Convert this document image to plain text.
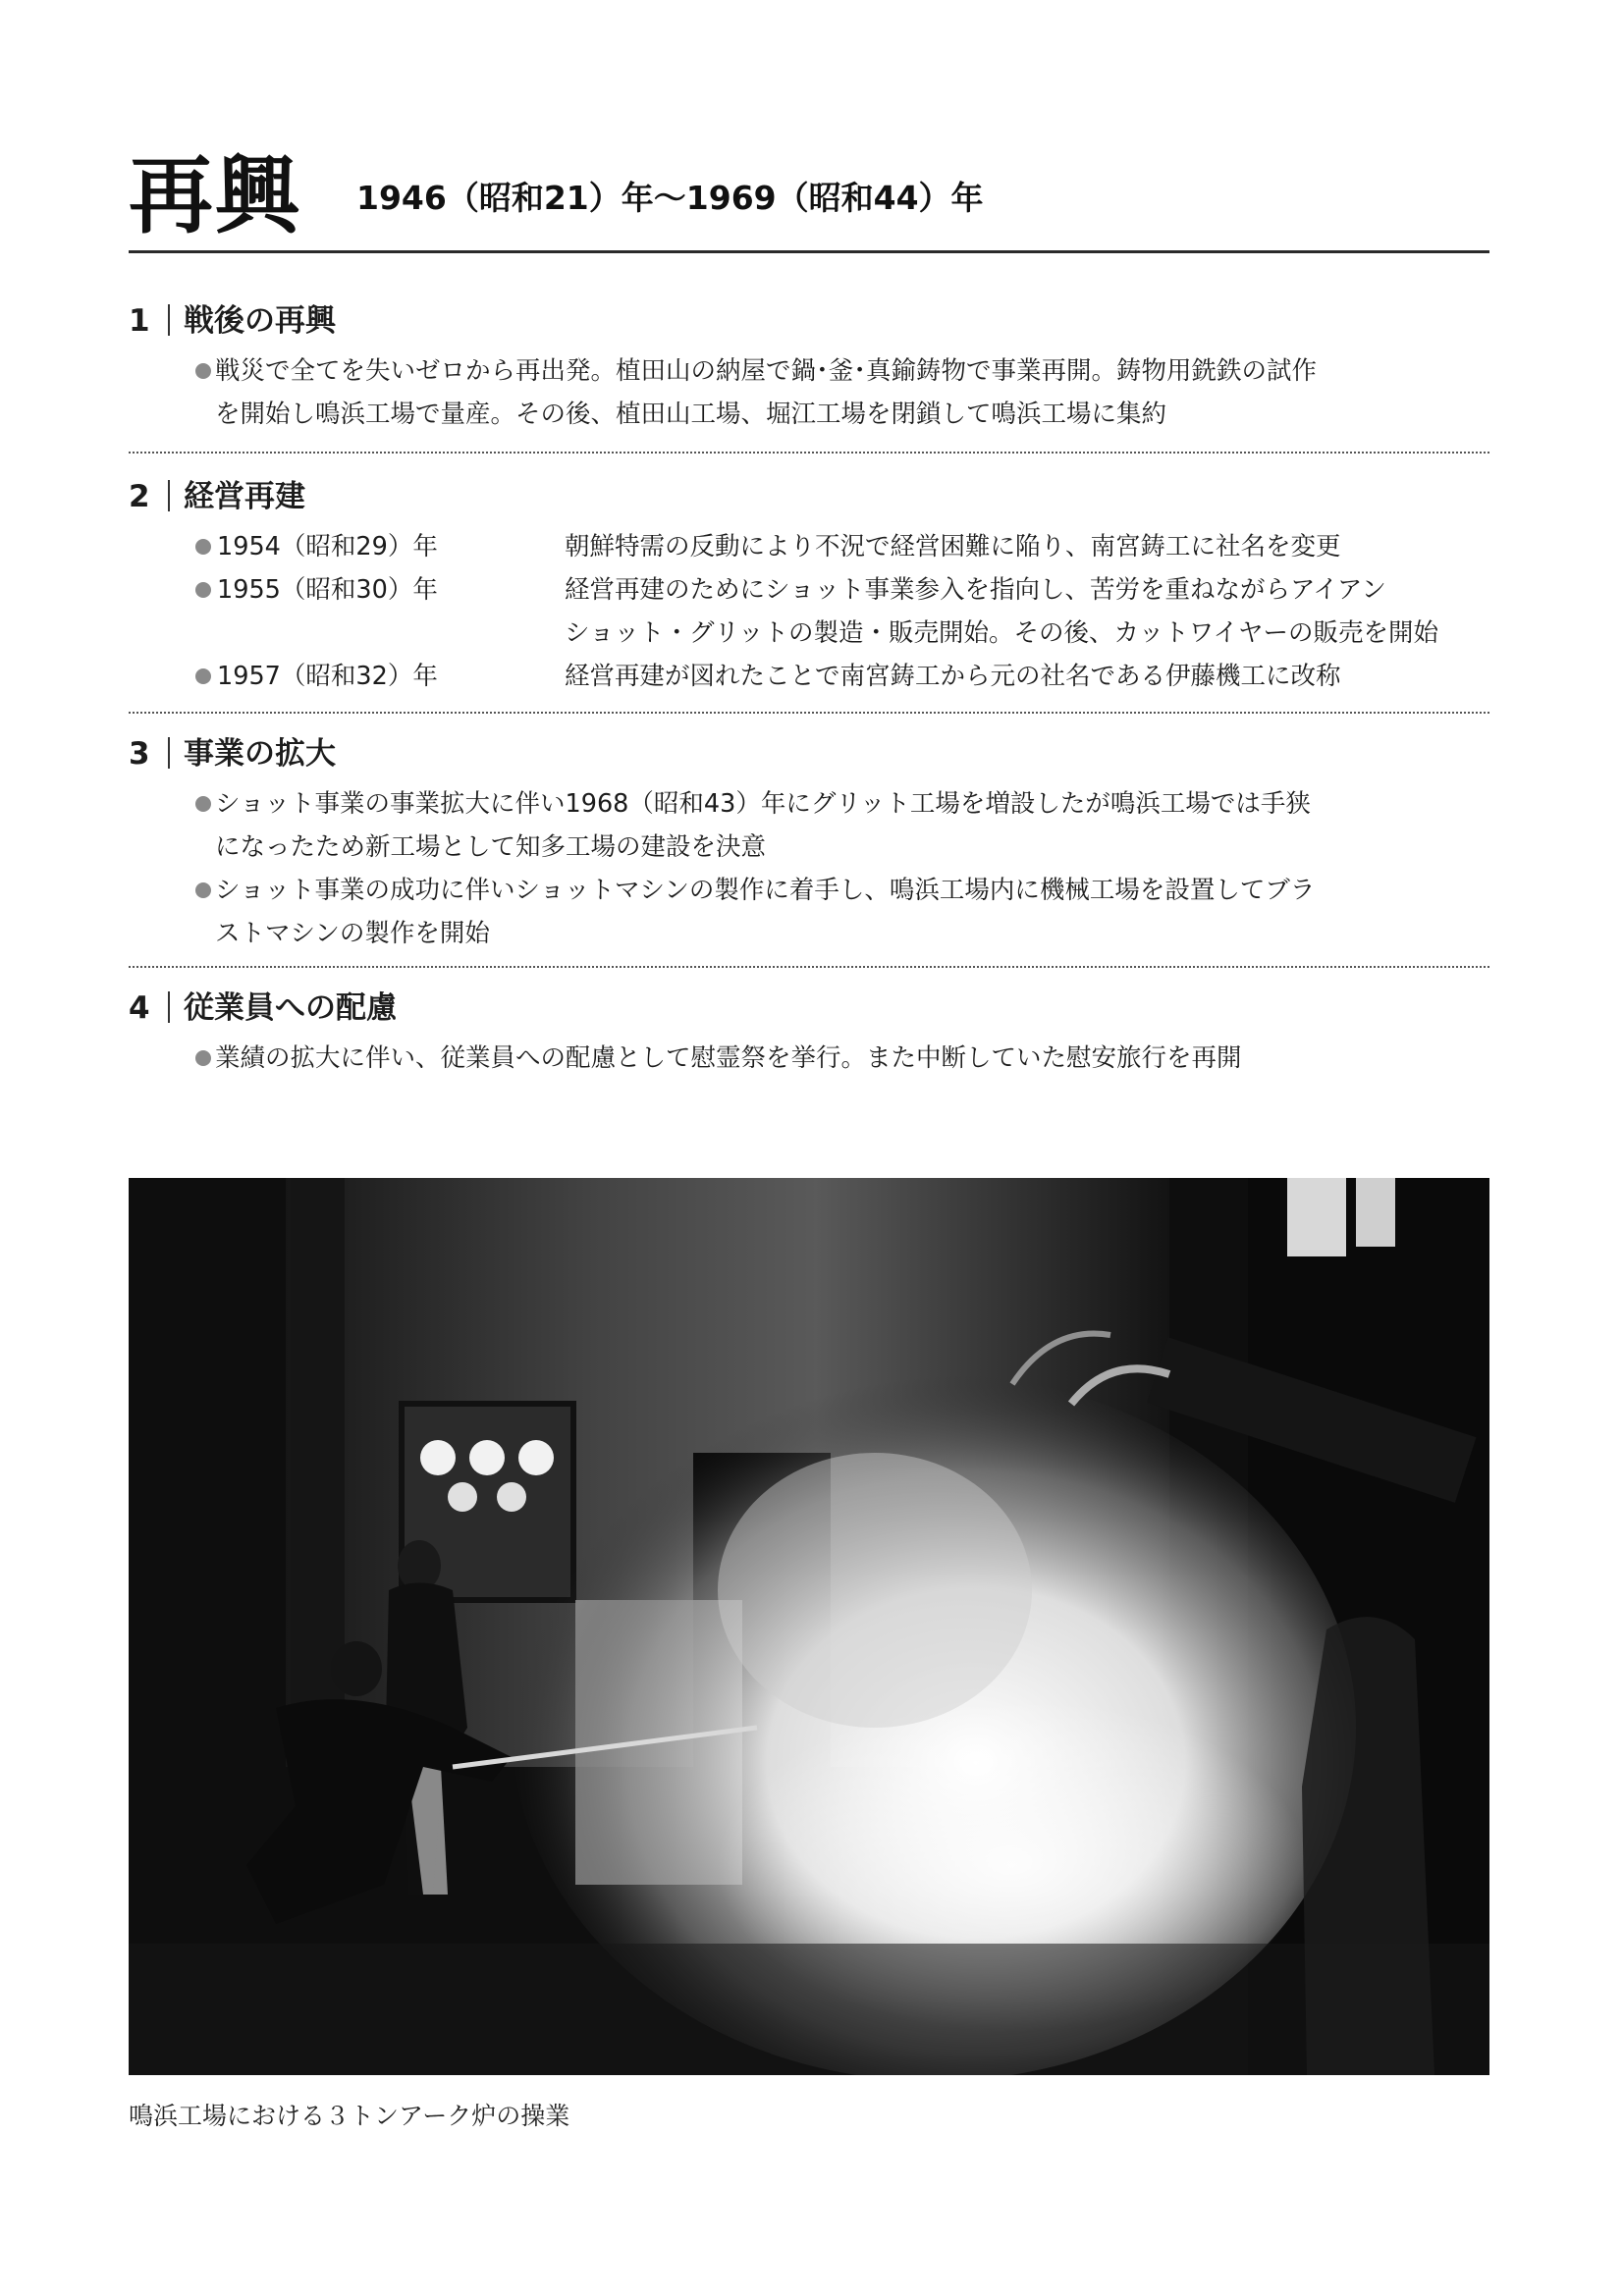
再興 1946（昭和21）年〜1969（昭和44）年
1 戦後の再興
戦災で全てを失いゼロから再出発。植田山の納屋で鍋･釜･真鍮鋳物で事業再開。鋳物用銑鉄の試作
を開始し鳴浜工場で量産。その後、植田山工場、堀江工場を閉鎖して鳴浜工場に集約
2 経営再建
1954（昭和29）年	朝鮮特需の反動により不況で経営困難に陥り、南宮鋳工に社名を変更
1955（昭和30）年	経営再建のためにショット事業参入を指向し、苦労を重ねながらアイアン
ショット・グリットの製造・販売開始。その後、カットワイヤーの販売を開始
1957（昭和32）年	経営再建が図れたことで南宮鋳工から元の社名である伊藤機工に改称
3 事業の拡大
ショット事業の事業拡大に伴い1968（昭和43）年にグリット工場を増設したが鳴浜工場では手狭
になったため新工場として知多工場の建設を決意
ショット事業の成功に伴いショットマシンの製作に着手し、鳴浜工場内に機械工場を設置してブラ
ストマシンの製作を開始
4 従業員への配慮
業績の拡大に伴い、従業員への配慮として慰霊祭を挙行。また中断していた慰安旅行を再開
鳴浜工場における３トンアーク炉の操業
